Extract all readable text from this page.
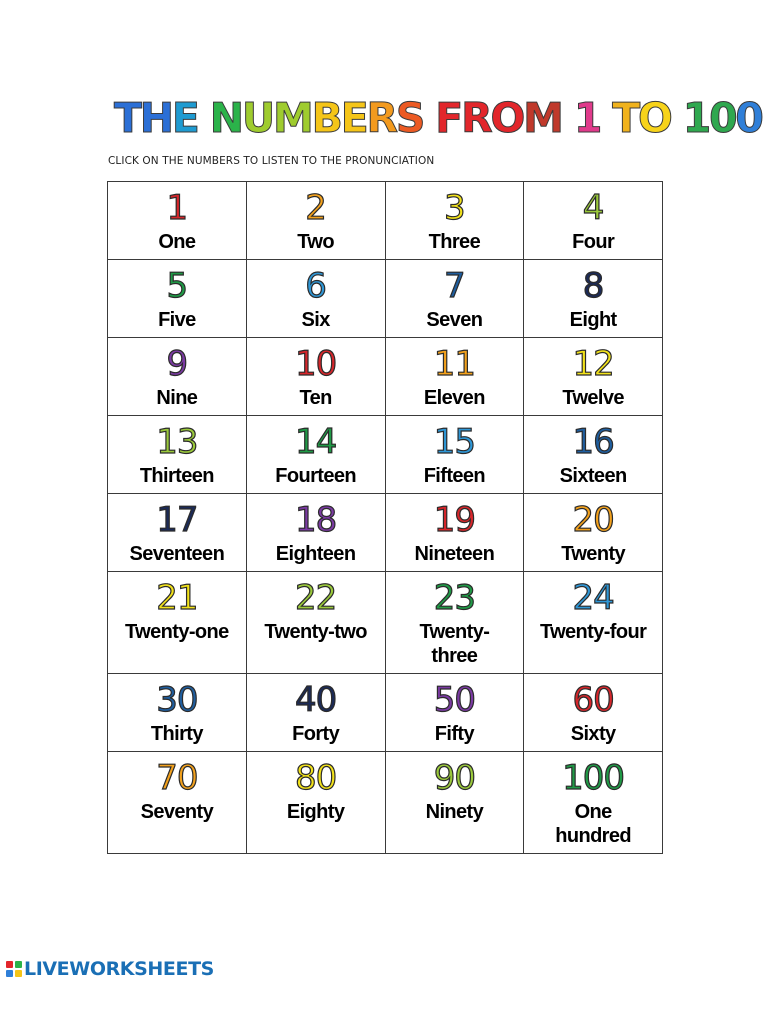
THE NUMBERS FROM 1 TO 100
CLICK ON THE NUMBERS TO LISTEN TO THE PRONUNCIATION
1
One	2
Two	3
Three	4
Four

5
Five	6
Six	7
Seven	8
Eight

9
Nine	10
Ten	11
Eleven	12
Twelve

13
Thirteen	14
Fourteen	15
Fifteen	16
Sixteen

17
Seventeen	18
Eighteen	19
Nineteen	20
Twenty

21
Twenty-one	22
Twenty-two	23
Twenty-
three	24
Twenty-four

30
Thirty	40
Forty	50
Fifty	60
Sixty

70
Seventy	80
Eighty	90
Ninety	100
One
hundred
LIVEWORKSHEETS
